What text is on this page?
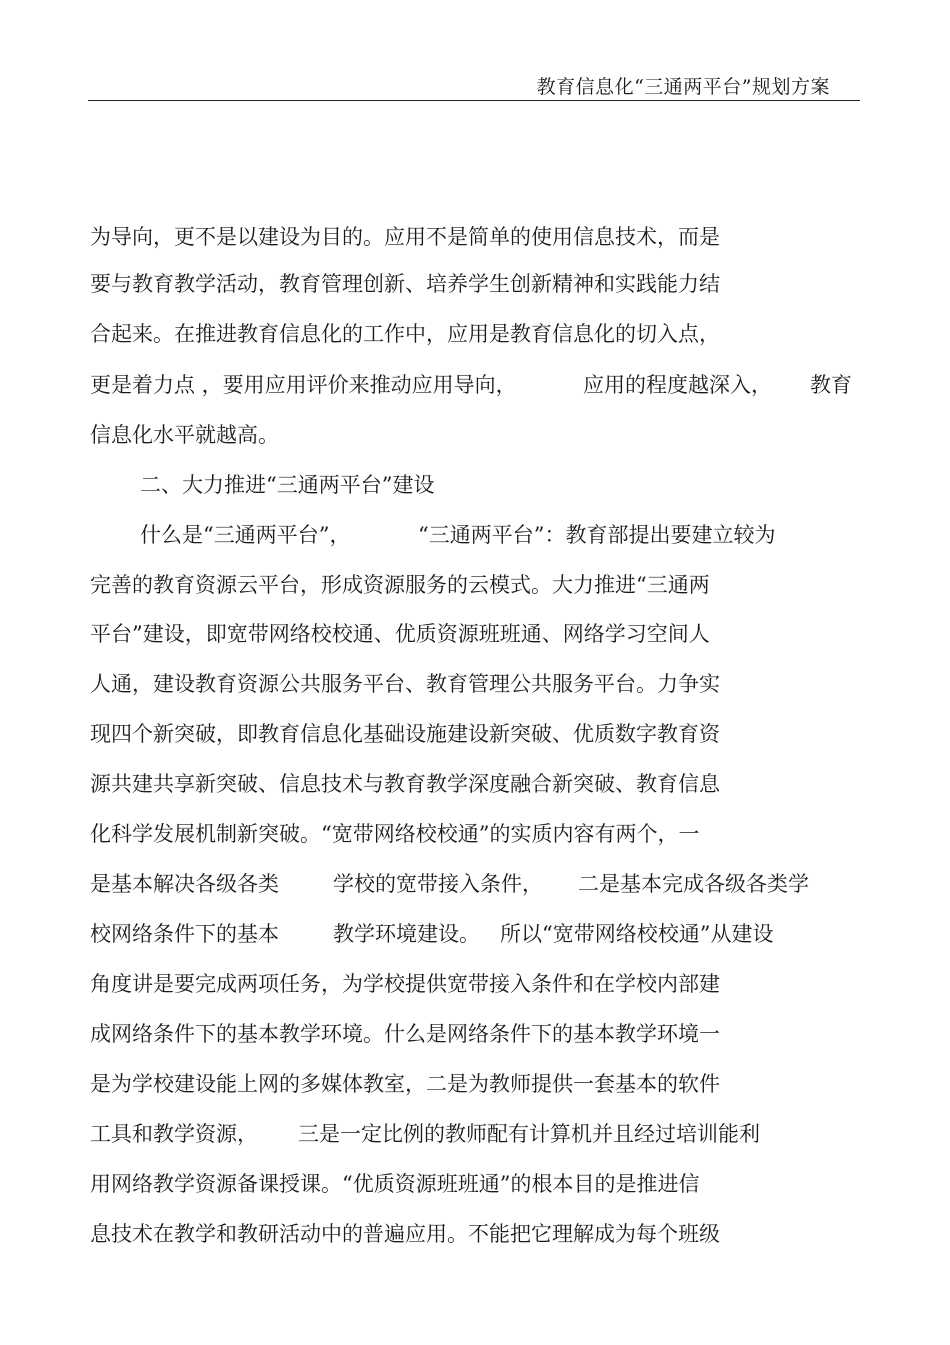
教育信息化“三通两平台”规划方案
为导向，更不是以建设为目的。应用不是简单的使用信息技术，而是
要与教育教学活动，教育管理创新、培养学生创新精神和实践能力结
合起来。在推进教育信息化的工作中，应用是教育信息化的切入点，
更是着力点 ，要用应用评价来推动应用导向，	应用的程度越深入， 教育
信息化水平就越高。
二、大力推进“三通两平台”建设
什么是“三通两平台”，	“三通两平台”：教育部提出要建立较为
完善的教育资源云平台，形成资源服务的云模式。大力推进“三通两
平台”建设，即宽带网络校校通、优质资源班班通、网络学习空间人
人通，建设教育资源公共服务平台、教育管理公共服务平台。力争实
现四个新突破，即教育信息化基础设施建设新突破、优质数字教育资
源共建共享新突破、信息技术与教育教学深度融合新突破、教育信息
化科学发展机制新突破。“宽带网络校校通”的实质内容有两个，一
是基本解决各级各类	学校的宽带接入条件， 二是基本完成各级各类学
校网络条件下的基本	教学环境建设。 所以“宽带网络校校通”从建设
角度讲是要完成两项任务，为学校提供宽带接入条件和在学校内部建
成网络条件下的基本教学环境。什么是网络条件下的基本教学环境一
是为学校建设能上网的多媒体教室，二是为教师提供一套基本的软件
工具和教学资源， 三是一定比例的教师配有计算机并且经过培训能利
用网络教学资源备课授课。“优质资源班班通”的根本目的是推进信
息技术在教学和教研活动中的普遍应用。不能把它理解成为每个班级
